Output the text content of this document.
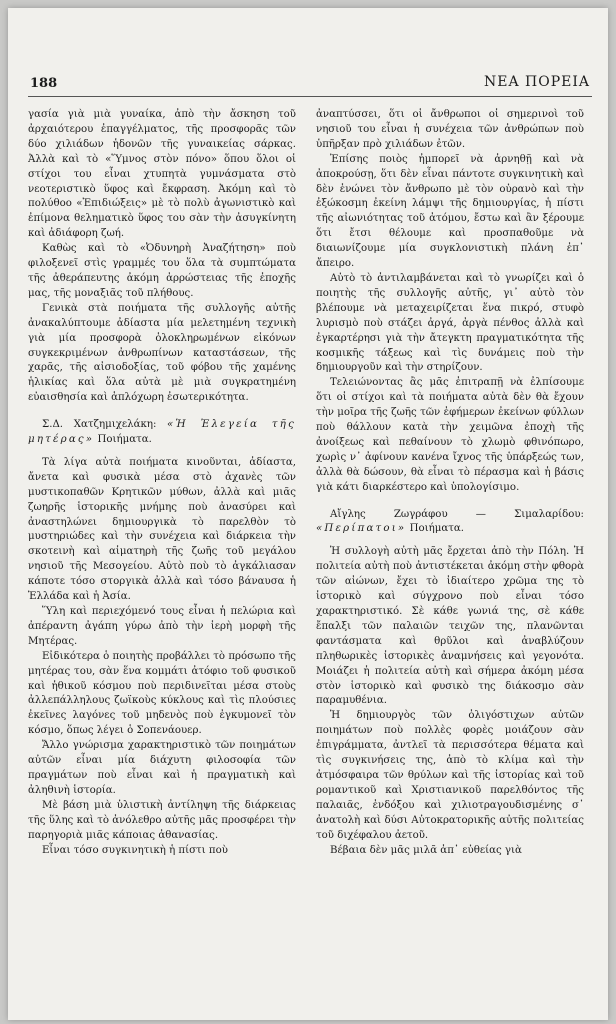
188	ΝΕΑ ΠΟΡΕΙΑ

γασία γιὰ μιὰ γυναίκα, ἀπὸ τὴν ἄσκηση τοῦ ἀρχαιότερου ἐπαγγέλματος, τῆς προσφορᾶς τῶν δύο χιλιάδων ἡδονῶν τῆς γυναικείας σάρκας. Ἀλλὰ καὶ τὸ «Ὕμνος στὸν πόνο» ὅπου ὅλοι οἱ στίχοι του εἶναι χτυπητὰ γυμνάσματα στὸ νεοτεριστικὸ ὕφος καὶ ἔκφραση. Ἀκόμη καὶ τὸ πολύθοο «Ἐπιδιώξεις» μὲ τὸ πολὺ ἀγωνιστικὸ καὶ ἐπίμονα θεληματικὸ ὕφος του σὰν τὴν ἀσυγκίνητη καὶ ἀδιάφορη ζωή.

Καθὼς καὶ τὸ «Ὀδυνηρὴ Ἀναζήτηση» ποὺ φιλοξενεῖ στὶς γραμμές του ὅλα τὰ συμπτώματα τῆς ἀθεράπευτης ἀκόμη ἀρρώστειας τῆς ἐποχῆς μας, τῆς μοναξιᾶς τοῦ πλήθους.

Γενικὰ στὰ ποιήματα τῆς συλλογῆς αὐτῆς ἀνακαλύπτουμε ἀδίαστα μία μελετημένη τεχνικὴ γιὰ μία προσφορὰ ὁλοκληρωμένων εἰκόνων συγκεκριμένων ἀνθρωπίνων καταστάσεων, τῆς χαρᾶς, τῆς αἰσιοδοξίας, τοῦ φόβου τῆς χαμένης ἡλικίας καὶ ὅλα αὐτὰ μὲ μιὰ συγκρατημένη εὐαισθησία καὶ ἁπλόχωρη ἐσωτερικότητα.

Σ.Δ. Χατζημιχελάκη: «Ἡ Ἐλεγεία τῆς μητέρας» Ποιήματα.

Τὰ λίγα αὐτὰ ποιήματα κινοῦνται, ἀδίαστα, ἄνετα καὶ φυσικὰ μέσα στὸ ἀχανὲς τῶν μυστικοπαθῶν Κρητικῶν μύθων, ἀλλὰ καὶ μιᾶς ζωηρῆς ἱστορικῆς μνήμης ποὺ ἀνασύρει καὶ ἀναστηλώνει δημιουργικὰ τὸ παρελθὸν τὸ μυστηριώδες καὶ τὴν συνέχεια καὶ διάρκεια τὴν σκοτεινὴ καὶ αἱματηρὴ τῆς ζωῆς τοῦ μεγάλου νησιοῦ τῆς Μεσογείου. Αὐτὸ ποὺ τὸ ἀγκάλιασαν κάποτε τόσο στοργικὰ ἀλλὰ καὶ τόσο βάναυσα ἡ Ἑλλάδα καὶ ἡ Ἀσία.

Ὕλη καὶ περιεχόμενό τους εἶναι ἡ πελώρια καὶ ἀπέραντη ἀγάπη γύρω ἀπὸ τὴν ἱερὴ μορφὴ τῆς Μητέρας.

Εἰδικότερα ὁ ποιητὴς προβάλλει τὸ πρόσωπο τῆς μητέρας του, σὰν ἕνα κομμάτι ἀτόφιο τοῦ φυσικοῦ καὶ ἡθικοῦ κόσμου ποὺ περιδινεῖται μέσα στοὺς ἀλλεπάλληλους ζωϊκοὺς κύκλους καὶ τὶς πλούσιες ἐκεῖνες λαγόνες τοῦ μηδενὸς ποὺ ἐγκυμονεῖ τὸν κόσμο, ὅπως λέγει ὁ Σοπενάουερ.

Ἄλλο γνώρισμα χαρακτηριστικὸ τῶν ποιημάτων αὐτῶν εἶναι μία διάχυτη φιλοσοφία τῶν πραγμάτων ποὺ εἶναι καὶ ἡ πραγματικὴ καὶ ἀληθινὴ ἱστορία.

Μὲ βάση μιὰ ὑλιστικὴ ἀντίληψη τῆς διάρκειας τῆς ὕλης καὶ τὸ ἀνόλεθρο αὐτῆς μᾶς προσφέρει τὴν παρηγοριὰ μιᾶς κάποιας ἀθανασίας.

Εἶναι τόσο συγκινητικὴ ἡ πίστι ποὺ

ἀναπτύσσει, ὅτι οἱ ἄνθρωποι οἱ σημερινοὶ τοῦ νησιοῦ του εἶναι ἡ συνέχεια τῶν ἀνθρώπων ποὺ ὑπῆρξαν πρὸ χιλιάδων ἐτῶν.

Ἐπίσης ποιὸς ἠμπορεῖ νὰ ἀρνηθῇ καὶ νὰ ἀποκρούσῃ, ὅτι δὲν εἶναι πάντοτε συγκινητικὴ καὶ δὲν ἑνώνει τὸν ἄνθρωπο μὲ τὸν οὐρανὸ καὶ τὴν ἐξώκοσμη ἐκείνη λάμψι τῆς δημιουργίας, ἡ πίστι τῆς αἰωνιότητας τοῦ ἀτόμου, ἔστω καὶ ἂν ξέρουμε ὅτι ἔτσι θέλουμε καὶ προσπαθοῦμε νὰ διαιωνίζουμε μία συγκλονιστικὴ πλάνη ἐπ᾽ ἄπειρο.

Αὐτὸ τὸ ἀντιλαμβάνεται καὶ τὸ γνωρίζει καὶ ὁ ποιητὴς τῆς συλλογῆς αὐτῆς, γι᾽ αὐτὸ τὸν βλέπουμε νὰ μεταχειρίζεται ἕνα πικρό, στυφὸ λυρισμὸ ποὺ στάζει ἀργά, ἀργὰ πένθος ἀλλὰ καὶ ἐγκαρτέρησι γιὰ τὴν ἄτεγκτη πραγματικότητα τῆς κοσμικῆς τάξεως καὶ τὶς δυνάμεις ποὺ τὴν δημιουργοῦν καὶ τὴν στηρίζουν.

Τελειώνοντας ἂς μᾶς ἐπιτραπῇ νὰ ἐλπίσουμε ὅτι οἱ στίχοι καὶ τὰ ποιήματα αὐτὰ δὲν θὰ ἔχουν τὴν μοῖρα τῆς ζωῆς τῶν ἐφήμερων ἐκείνων φύλλων ποὺ θάλλουν κατὰ τὴν χειμῶνα ἐποχὴ τῆς ἀνοίξεως καὶ πεθαίνουν τὸ χλωμὸ φθινόπωρο, χωρὶς ν᾽ ἀφίνουν κανένα ἴχνος τῆς ὑπάρξεώς των, ἀλλὰ θὰ δώσουν, θὰ εἶναι τὸ πέρασμα καὶ ἡ βάσις γιὰ κάτι διαρκέστερο καὶ ὑπολογίσιμο.

Αἴγλης Ζωγράφου — Σιμαλαρίδου: «Περίπατοι» Ποιήματα.

Ἡ συλλογὴ αὐτὴ μᾶς ἔρχεται ἀπὸ τὴν Πόλη. Ἡ πολιτεία αὐτὴ ποὺ ἀντιστέκεται ἀκόμη στὴν φθορὰ τῶν αἰώνων, ἔχει τὸ ἰδιαίτερο χρῶμα της τὸ ἱστορικὸ καὶ σύγχρονο ποὺ εἶναι τόσο χαρακτηριστικό. Σὲ κάθε γωνιά της, σὲ κάθε ἔπαλξι τῶν παλαιῶν τειχῶν της, πλανῶνται φαντάσματα καὶ θρῦλοι καὶ ἀναβλύζουν πληθωρικὲς ἱστορικὲς ἀναμνήσεις καὶ γεγονότα. Μοιάζει ἡ πολιτεία αὐτὴ καὶ σήμερα ἀκόμη μέσα στὸν ἱστορικὸ καὶ φυσικὸ της διάκοσμο σὰν παραμυθένια.

Ἡ δημιουργὸς τῶν ὀλιγόστιχων αὐτῶν ποιημάτων ποὺ πολλὲς φορὲς μοιάζουν σὰν ἐπιγράμματα, ἀντλεῖ τὰ περισσότερα θέματα καὶ τὶς συγκινήσεις της, ἀπὸ τὸ κλίμα καὶ τὴν ἀτμόσφαιρα τῶν θρύλων καὶ τῆς ἱστορίας καὶ τοῦ ρομαντικοῦ καὶ Χριστιανικοῦ παρελθόντος τῆς παλαιᾶς, ἐνδόξου καὶ χιλιοτραγουδισμένης σ᾽ ἀνατολὴ καὶ δύσι Αὐτοκρατορικῆς αὐτῆς πολιτείας τοῦ διχέφαλου ἀετοῦ.

Βέβαια δὲν μᾶς μιλᾶ ἀπ᾽ εὐθείας γιὰ
